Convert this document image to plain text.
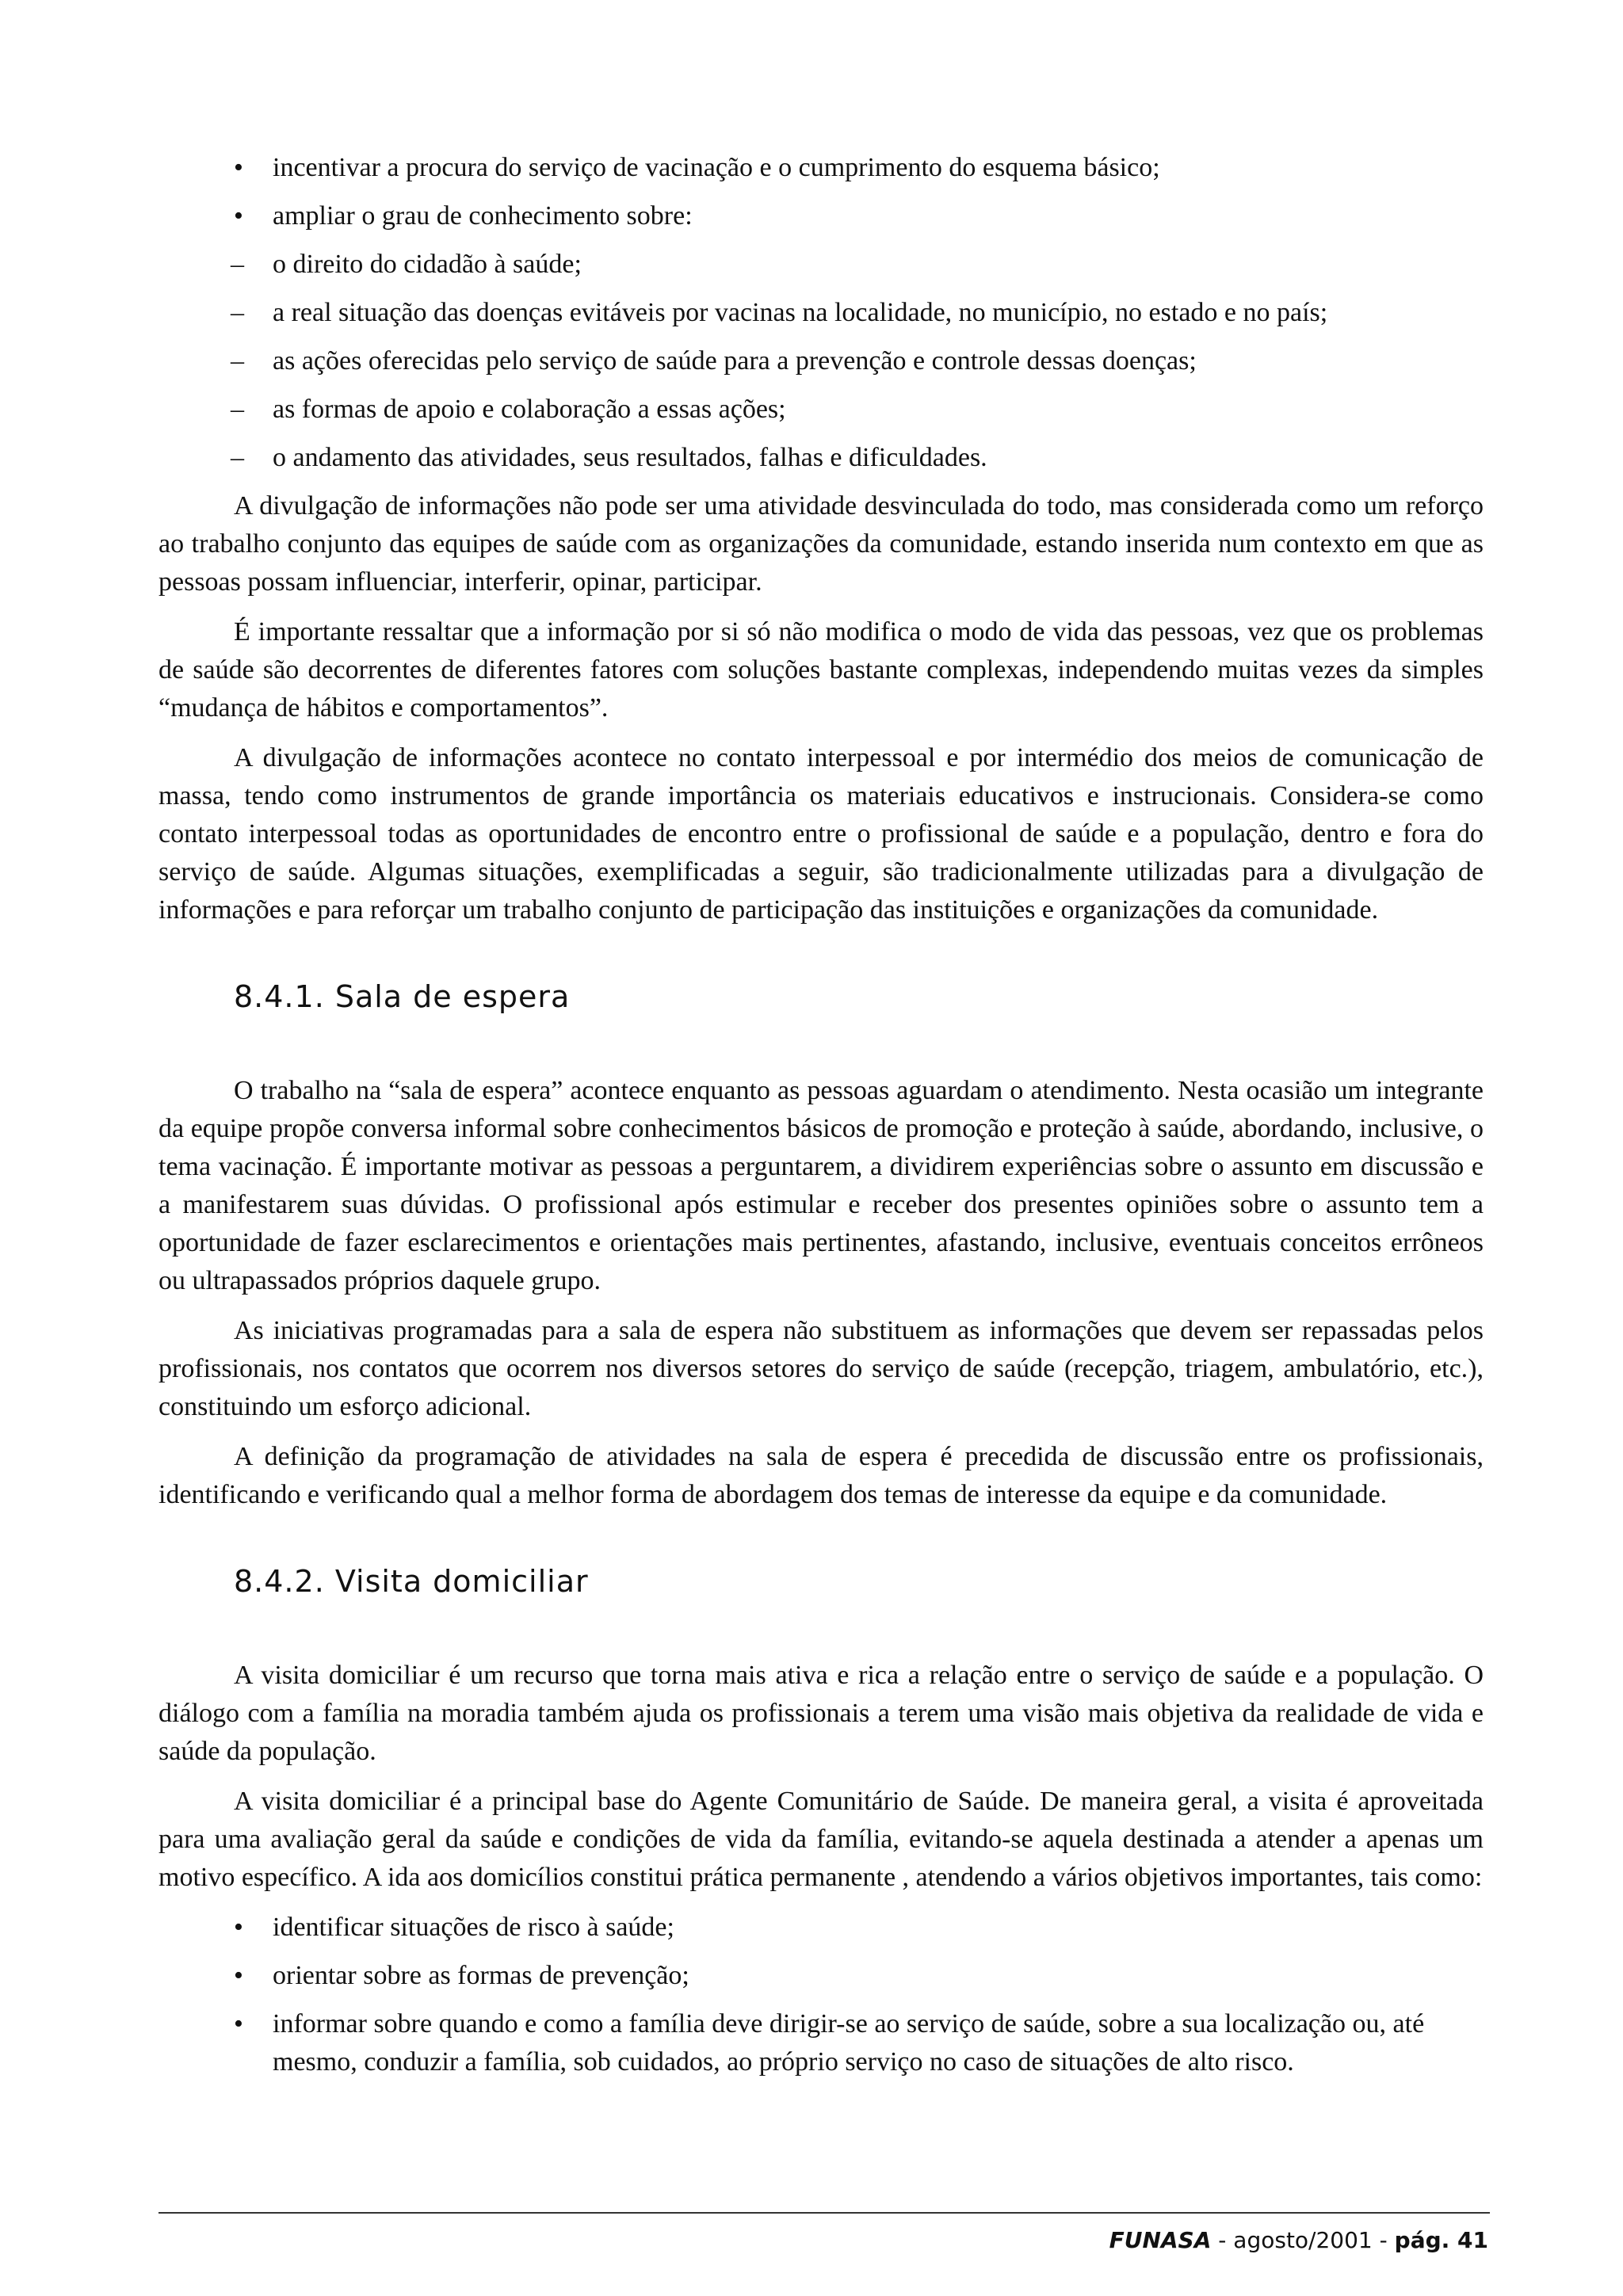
• incentivar a procura do serviço de vacinação e o cumprimento do esquema básico;
• ampliar o grau de conhecimento sobre:
– o direito do cidadão à saúde;
– a real situação das doenças evitáveis por vacinas na localidade, no município, no estado e no país;
– as ações oferecidas pelo serviço de saúde para a prevenção e controle dessas doenças;
– as formas de apoio e colaboração a essas ações;
– o andamento das atividades, seus resultados, falhas e dificuldades.

A divulgação de informações não pode ser uma atividade desvinculada do todo, mas considerada como um reforço ao trabalho conjunto das equipes de saúde com as organizações da comunidade, estando inserida num contexto em que as pessoas possam influenciar, interferir, opinar, participar.

É importante ressaltar que a informação por si só não modifica o modo de vida das pessoas, vez que os problemas de saúde são decorrentes de diferentes fatores com soluções bastante complexas, independendo muitas vezes da simples “mudança de hábitos e comportamentos”.

A divulgação de informações acontece no contato interpessoal e por intermédio dos meios de comunicação de massa, tendo como instrumentos de grande importância os materiais educativos e instrucionais. Considera-se como contato interpessoal todas as oportunidades de encontro entre o profissional de saúde e a população, dentro e fora do serviço de saúde. Algumas situações, exemplificadas a seguir, são tradicionalmente utilizadas para a divulgação de informações e para reforçar um trabalho conjunto de participação das instituições e organizações da comunidade.

8.4.1. Sala de espera

O trabalho na “sala de espera” acontece enquanto as pessoas aguardam o atendimento. Nesta ocasião um integrante da equipe propõe conversa informal sobre conhecimentos básicos de promoção e proteção à saúde, abordando, inclusive, o tema vacinação. É importante motivar as pessoas a perguntarem, a dividirem experiências sobre o assunto em discussão e a manifestarem suas dúvidas. O profissional após estimular e receber dos presentes opiniões sobre o assunto tem a oportunidade de fazer esclarecimentos e orientações mais pertinentes, afastando, inclusive, eventuais conceitos errôneos ou ultrapassados próprios daquele grupo.

As iniciativas programadas para a sala de espera não substituem as informações que devem ser repassadas pelos profissionais, nos contatos que ocorrem nos diversos setores do serviço de saúde (recepção, triagem, ambulatório, etc.), constituindo um esforço adicional.

A definição da programação de atividades na sala de espera é precedida de discussão entre os profissionais, identificando e verificando qual a melhor forma de abordagem dos temas de interesse da equipe e da comunidade.

8.4.2. Visita domiciliar

A visita domiciliar é um recurso que torna mais ativa e rica a relação entre o serviço de saúde e a população. O diálogo com a família na moradia também ajuda os profissionais a terem uma visão mais objetiva da realidade de vida e saúde da população.

A visita domiciliar é a principal base do Agente Comunitário de Saúde. De maneira geral, a visita é aproveitada para uma avaliação geral da saúde e condições de vida da família, evitando-se aquela destinada a atender a apenas um motivo específico. A ida aos domicílios constitui prática permanente , atendendo a vários objetivos importantes, tais como:

• identificar situações de risco à saúde;
• orientar sobre as formas de prevenção;
• informar sobre quando e como a família deve dirigir-se ao serviço de saúde, sobre a sua localização ou, até mesmo, conduzir a família, sob cuidados, ao próprio serviço no caso de situações de alto risco.
FUNASA - agosto/2001 - pág. 41
